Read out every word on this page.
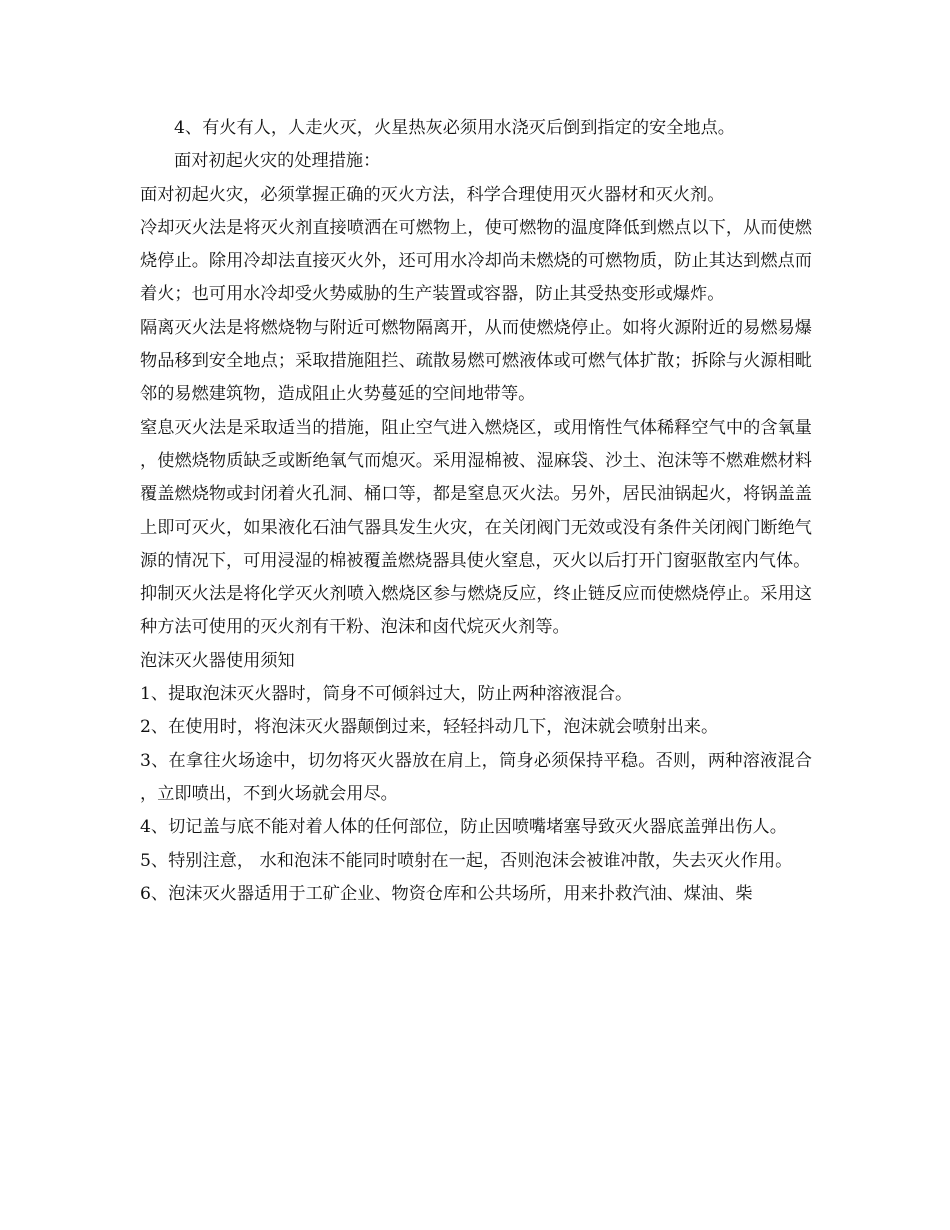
4、有火有人，人走火灭，火星热灰必须用水浇灭后倒到指定的安全地点。

面对初起火灾的处理措施：

面对初起火灾，必须掌握正确的灭火方法，科学合理使用灭火器材和灭火剂。

冷却灭火法是将灭火剂直接喷洒在可燃物上，使可燃物的温度降低到燃点以下，从而使燃烧停止。除用冷却法直接灭火外，还可用水冷却尚未燃烧的可燃物质，防止其达到燃点而着火；也可用水冷却受火势威胁的生产装置或容器，防止其受热变形或爆炸。

隔离灭火法是将燃烧物与附近可燃物隔离开，从而使燃烧停止。如将火源附近的易燃易爆物品移到安全地点；采取措施阻拦、疏散易燃可燃液体或可燃气体扩散；拆除与火源相毗邻的易燃建筑物，造成阻止火势蔓延的空间地带等。

窒息灭火法是采取适当的措施，阻止空气进入燃烧区，或用惰性气体稀释空气中的含氧量，使燃烧物质缺乏或断绝氧气而熄灭。采用湿棉被、湿麻袋、沙土、泡沫等不燃难燃材料覆盖燃烧物或封闭着火孔洞、桶口等，都是窒息灭火法。另外，居民油锅起火，将锅盖盖上即可灭火，如果液化石油气器具发生火灾，在关闭阀门无效或没有条件关闭阀门断绝气源的情况下，可用浸湿的棉被覆盖燃烧器具使火窒息，灭火以后打开门窗驱散室内气体。

抑制灭火法是将化学灭火剂喷入燃烧区参与燃烧反应，终止链反应而使燃烧停止。采用这种方法可使用的灭火剂有干粉、泡沫和卤代烷灭火剂等。

泡沫灭火器使用须知

1、提取泡沫灭火器时，筒身不可倾斜过大，防止两种溶液混合。

2、在使用时，将泡沫灭火器颠倒过来，轻轻抖动几下，泡沫就会喷射出来。

3、在拿往火场途中，切勿将灭火器放在肩上，筒身必须保持平稳。否则，两种溶液混合，立即喷出，不到火场就会用尽。

4、切记盖与底不能对着人体的任何部位，防止因喷嘴堵塞导致灭火器底盖弹出伤人。

5、特别注意， 水和泡沫不能同时喷射在一起，否则泡沫会被谁冲散，失去灭火作用。

6、泡沫灭火器适用于工矿企业、物资仓库和公共场所，用来扑救汽油、煤油、柴
